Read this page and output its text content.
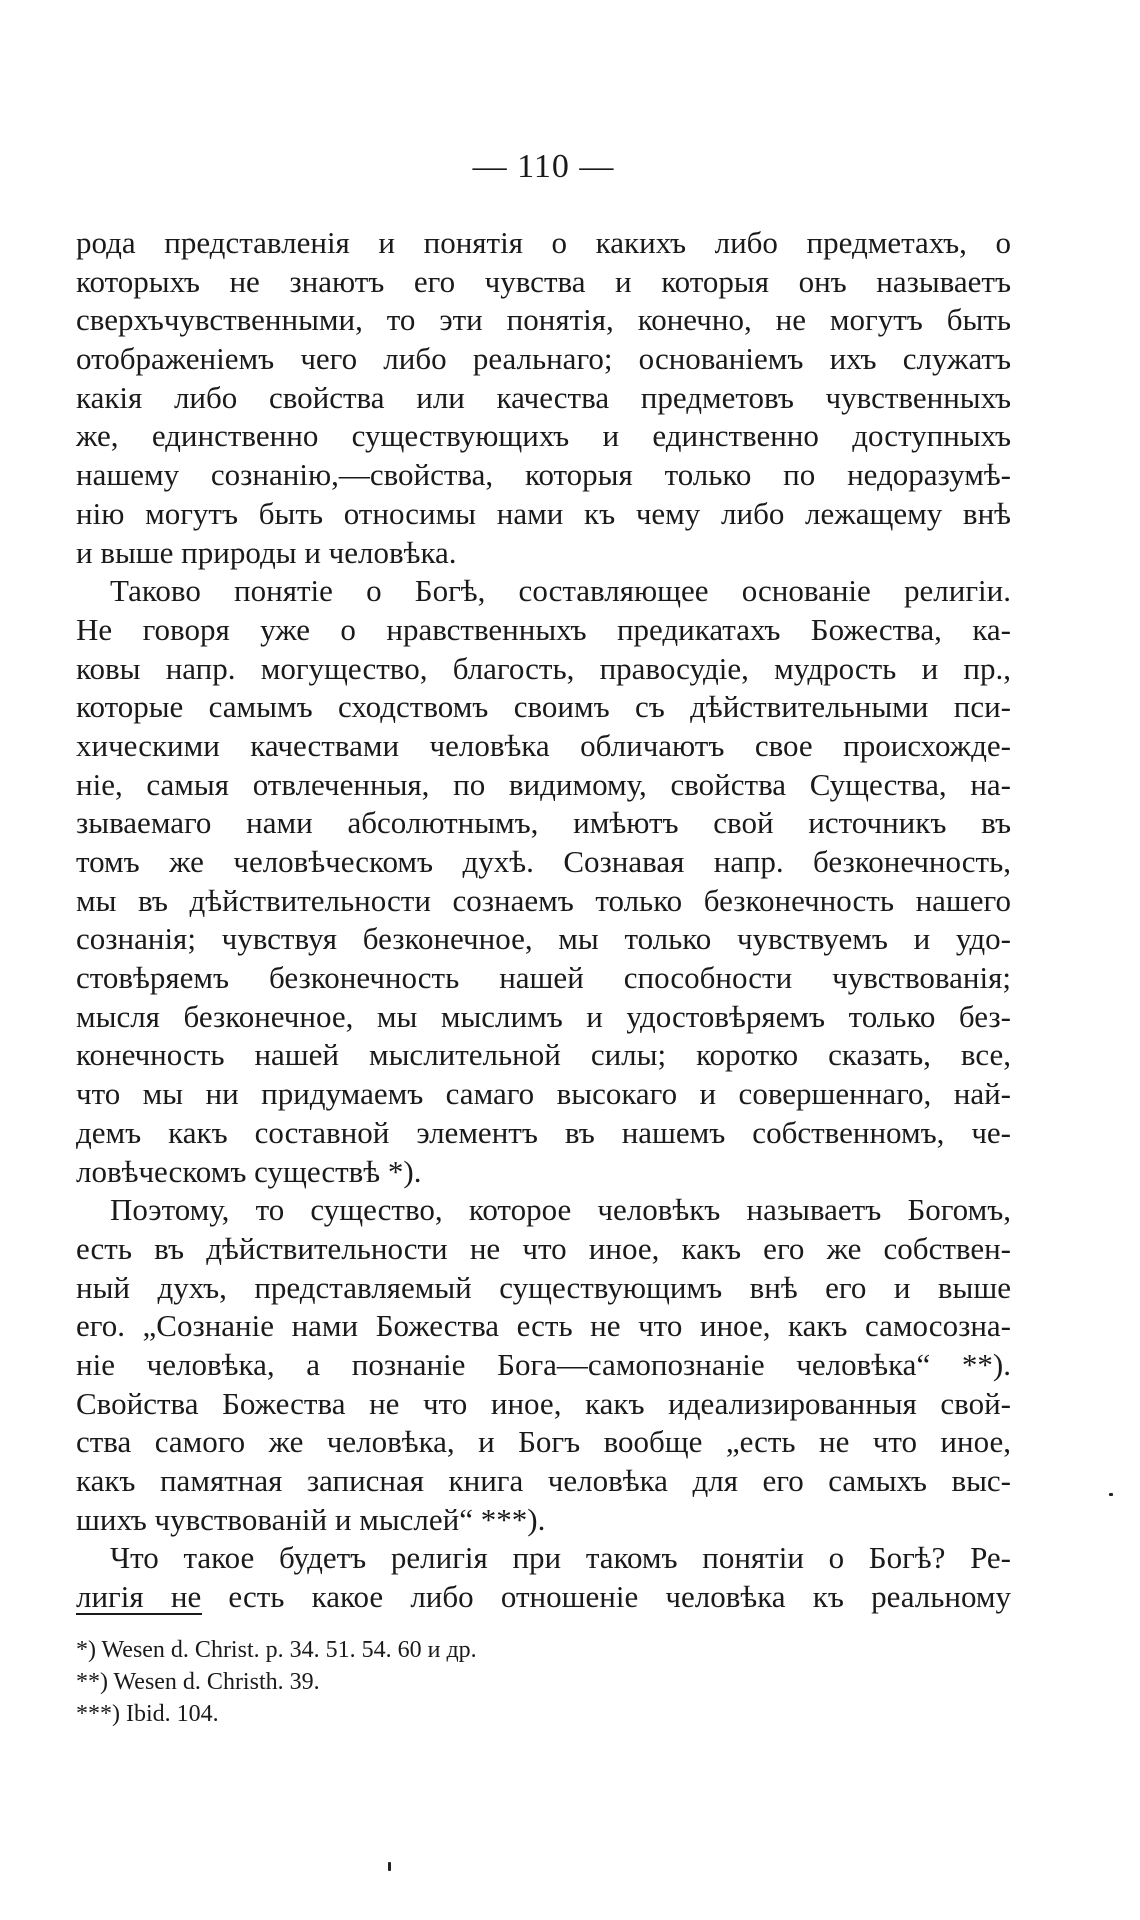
— 110 —
рода представленія и понятія о какихъ либо предметахъ, о
которыхъ не знаютъ его чувства и которыя онъ называетъ
сверхъчувственными, то эти понятія, конечно, не могутъ быть
отображеніемъ чего либо реальнаго; основаніемъ ихъ служатъ
какія либо свойства или качества предметовъ чувственныхъ
же, единственно существующихъ и единственно доступныхъ
нашему сознанію,—свойства, которыя только по недоразумѣ-
нію могутъ быть относимы нами къ чему либо лежащему внѣ
и выше природы и человѣка.
Таково понятіе о Богѣ, составляющее основаніе религіи.
Не говоря уже о нравственныхъ предикатахъ Божества, ка-
ковы напр. могущество, благость, правосудіе, мудрость и пр.,
которые самымъ сходствомъ своимъ съ дѣйствительными пси-
хическими качествами человѣка обличаютъ свое происхожде-
ніе, самыя отвлеченныя, по видимому, свойства Существа, на-
зываемаго нами абсолютнымъ, имѣютъ свой источникъ въ
томъ же человѣческомъ духѣ. Сознавая напр. безконечность,
мы въ дѣйствительности сознаемъ только безконечность нашего
сознанія; чувствуя безконечное, мы только чувствуемъ и удо-
стовѣряемъ безконечность нашей способности чувствованія;
мысля безконечное, мы мыслимъ и удостовѣряемъ только без-
конечность нашей мыслительной силы; коротко сказать, все,
что мы ни придумаемъ самаго высокаго и совершеннаго, най-
демъ какъ составной элементъ въ нашемъ собственномъ, че-
ловѣческомъ существѣ *).
Поэтому, то существо, которое человѣкъ называетъ Богомъ,
есть въ дѣйствительности не что иное, какъ его же собствен-
ный духъ, представляемый существующимъ внѣ его и выше
его. „Сознаніе нами Божества есть не что иное, какъ самосозна-
ніе человѣка, а познаніе Бога—самопознаніе человѣка“ **).
Свойства Божества не что иное, какъ идеализированныя свой-
ства самого же человѣка, и Богъ вообще „есть не что иное,
какъ памятная записная книга человѣка для его самыхъ выс-
шихъ чувствованій и мыслей“ ***).
Что такое будетъ религія при такомъ понятіи о Богѣ? Ре-
лигія не есть какое либо отношеніе человѣка къ реальному
*) Wesen d. Christ. p. 34. 51. 54. 60 и др.
**) Wesen d. Christh. 39.
***) Ibid. 104.
